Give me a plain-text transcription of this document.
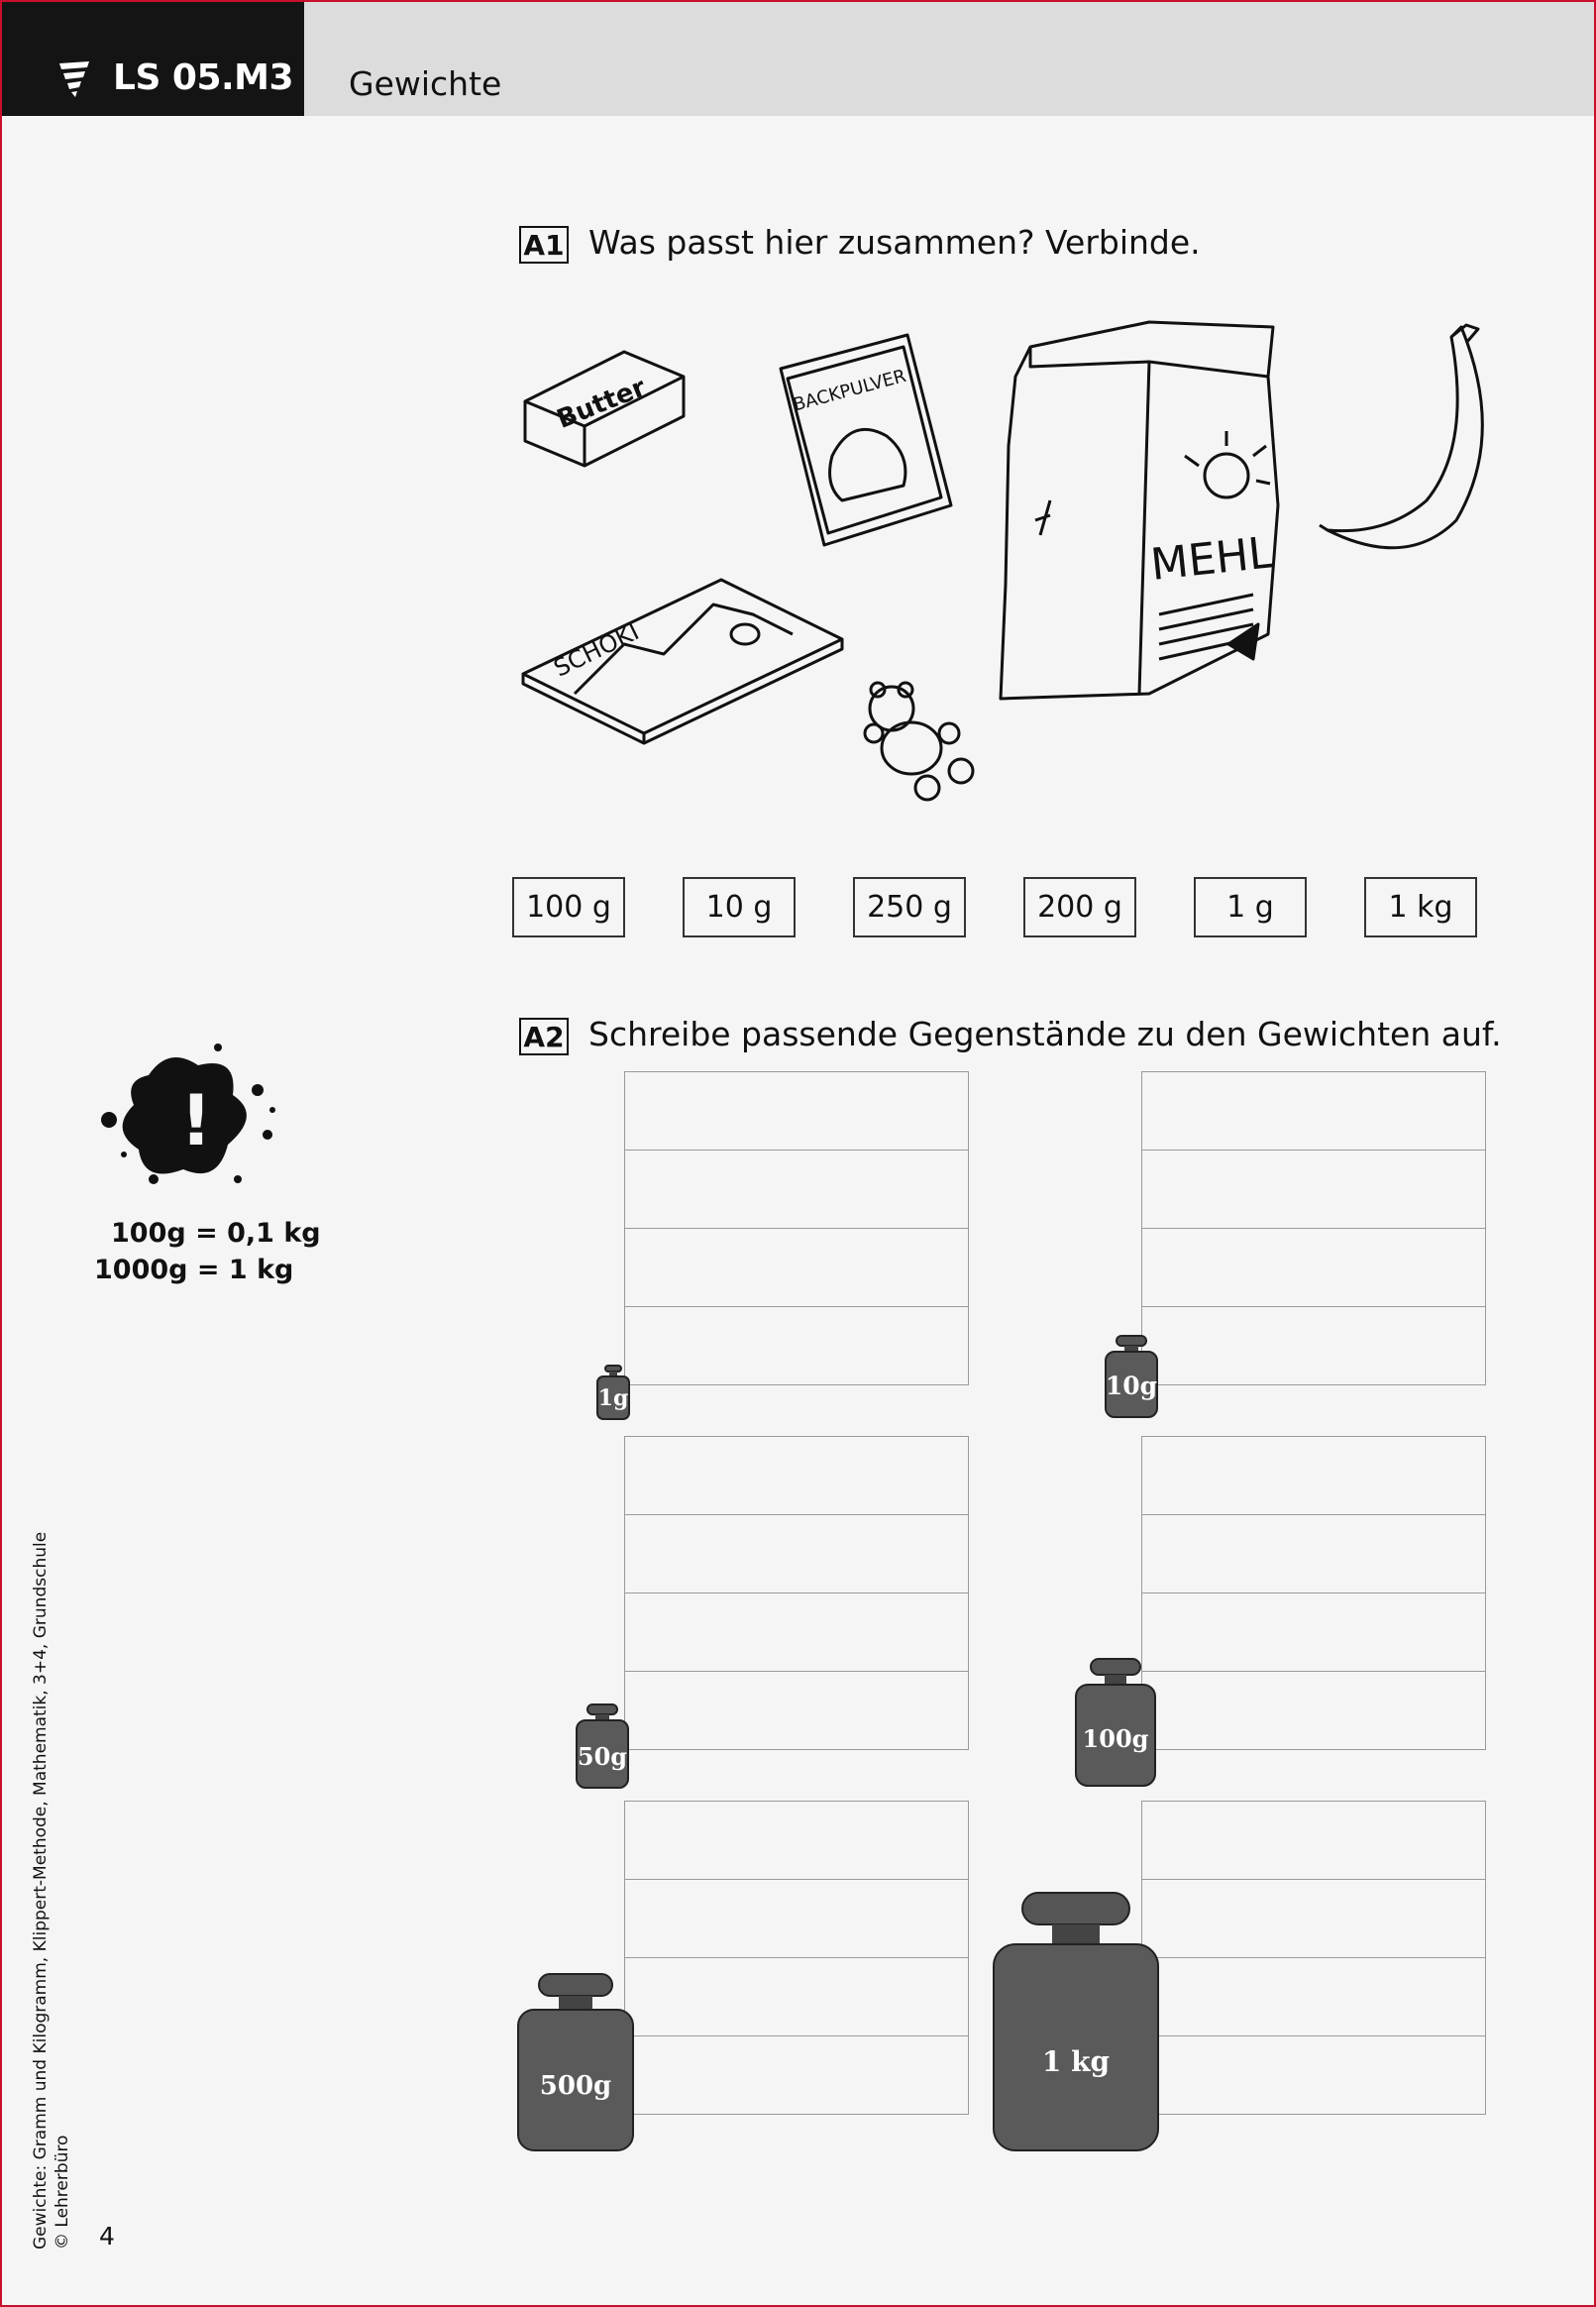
LS 05.M3 Gewichte
A1 Was passt hier zusammen? Verbinde.
Butter	BACKPULVER
MEHL
SCHOKI
100 g	10 g	250 g	200 g	1 g	1 kg
A2 Schreibe passende Gegenstände zu den Gewichten auf.
1g	10g
50g
100g
500g
1 kg
!
100g = 0,1 kg
1000g = 1 kg
Gewichte: Gramm und Kilogramm, Klippert-Methode, Mathematik, 3+4, Grundschule © Lehrerbüro 4
